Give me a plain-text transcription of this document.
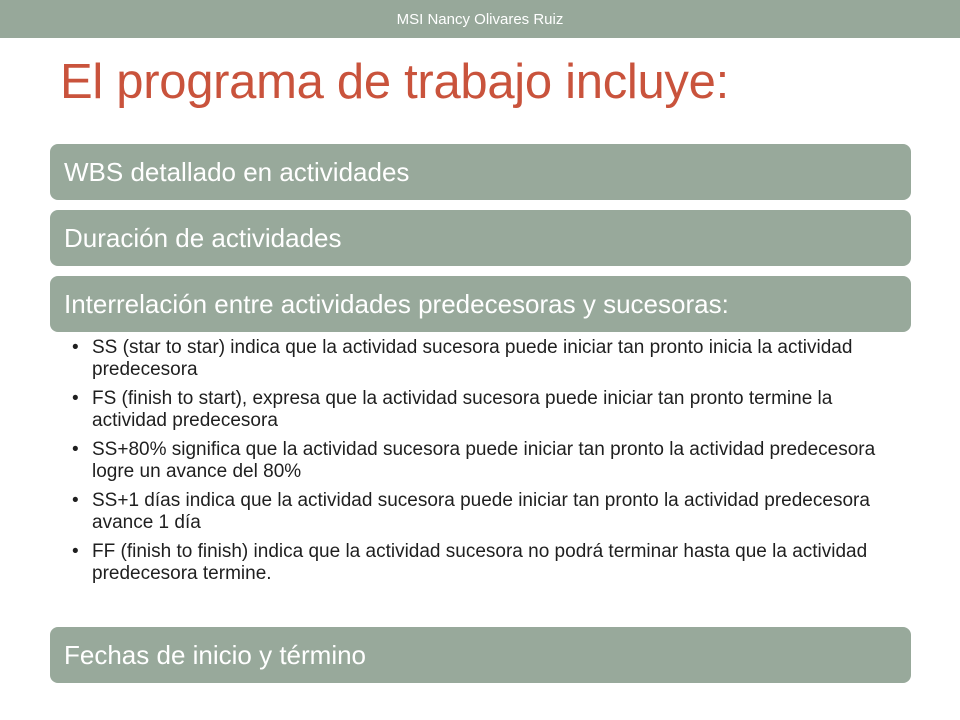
MSI Nancy Olivares Ruiz
El programa de trabajo incluye:
WBS detallado en actividades
Duración de actividades
Interrelación entre actividades predecesoras y sucesoras:
• SS (star to star) indica que la actividad sucesora puede iniciar tan pronto inicia la actividad predecesora
• FS (finish to start), expresa que la actividad sucesora puede iniciar tan pronto termine la actividad predecesora
• SS+80% significa que la actividad sucesora puede iniciar tan pronto la actividad predecesora logre un avance del 80%
• SS+1 días indica que la actividad sucesora puede iniciar tan pronto la actividad predecesora avance 1 día
• FF (finish to finish) indica que la actividad sucesora no podrá terminar hasta que la actividad predecesora termine.
Fechas de inicio y término
